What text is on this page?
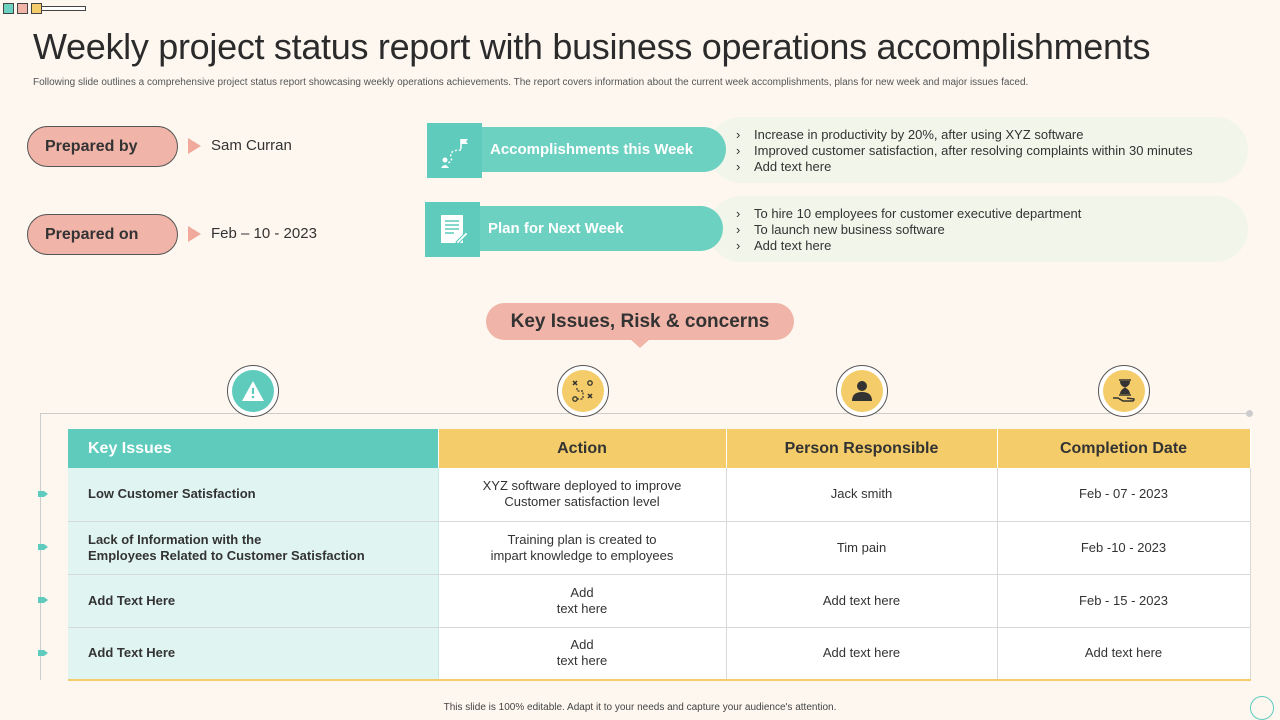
Weekly project status report with business operations accomplishments
Following slide outlines a comprehensive project status report showcasing weekly operations achievements. The report covers information about the current week accomplishments, plans for new week and major issues faced.
Prepared by	Sam Curran
Prepared on	Feb – 10 - 2023
› Increase in productivity by 20%, after using XYZ software
› Improved customer satisfaction, after resolving complaints within 30 minutes
› Add text here
Accomplishments this Week
› To hire 10 employees for customer executive department
› To launch new business software
› Add text here
Plan for Next Week
Key Issues, Risk & concerns
Key Issues	Action	Person Responsible	Completion Date
Low Customer Satisfaction	XYZ software deployed to improve
Customer satisfaction level	Jack smith	Feb - 07 - 2023
Lack of Information with the
Employees Related to Customer Satisfaction	Training plan is created to
impart knowledge to employees	Tim pain	Feb -10 - 2023
Add Text Here	Add
text here	Add text here	Feb - 15 - 2023
Add Text Here	Add
text here	Add text here	Add text here
This slide is 100% editable. Adapt it to your needs and capture your audience's attention.
